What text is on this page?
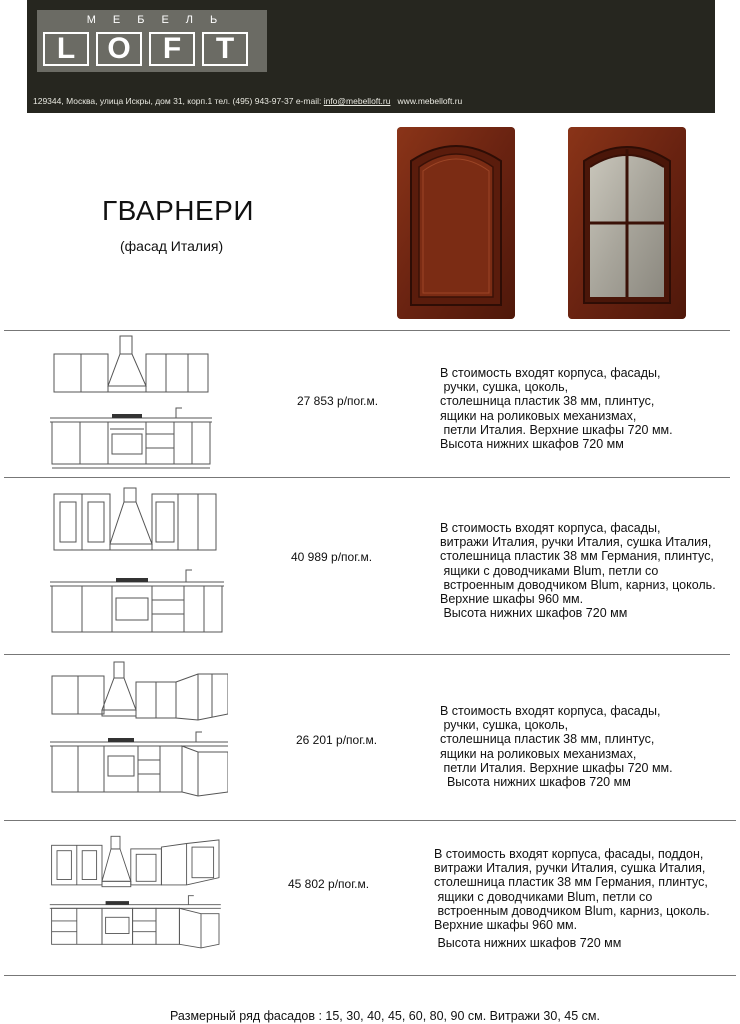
МЕБЕЛЬ
L	O	F	T
129344, Москва, улица Искры, дом 31, корп.1 тел. (495) 943-97-37 e-mail: info@mebelloft.ru www.mebelloft.ru
ГВАРНЕРИ
(фасад Италия)
27 853 р/пог.м.
В стоимость входят корпуса, фасады,
ручки, сушка, цоколь,
столешница пластик 38 мм, плинтус,
ящики на роликовых механизмах,
петли Италия. Верхние шкафы 720 мм.
Высота нижних шкафов 720 мм
40 989 р/пог.м.
В стоимость входят корпуса, фасады,
витражи Италия, ручки Италия, сушка Италия,
столешница пластик 38 мм Германия, плинтус,
ящики с доводчиками Blum, петли со
встроенным доводчиком Blum, карниз, цоколь.
Верхние шкафы 960 мм.
Высота нижних шкафов 720 мм
26 201 р/пог.м.
В стоимость входят корпуса, фасады,
ручки, сушка, цоколь,
столешница пластик 38 мм, плинтус,
ящики на роликовых механизмах,
петли Италия. Верхние шкафы 720 мм.
Высота нижних шкафов 720 мм
45 802 р/пог.м.
В стоимость входят корпуса, фасады, поддон,
витражи Италия, ручки Италия, сушка Италия,
столешница пластик 38 мм Германия, плинтус,
ящики с доводчиками Blum, петли со
встроенным доводчиком Blum, карниз, цоколь.
Верхние шкафы 960 мм.
Высота нижних шкафов 720 мм
Размерный ряд фасадов : 15, 30, 40, 45, 60, 80, 90 см. Витражи 30, 45 см.
